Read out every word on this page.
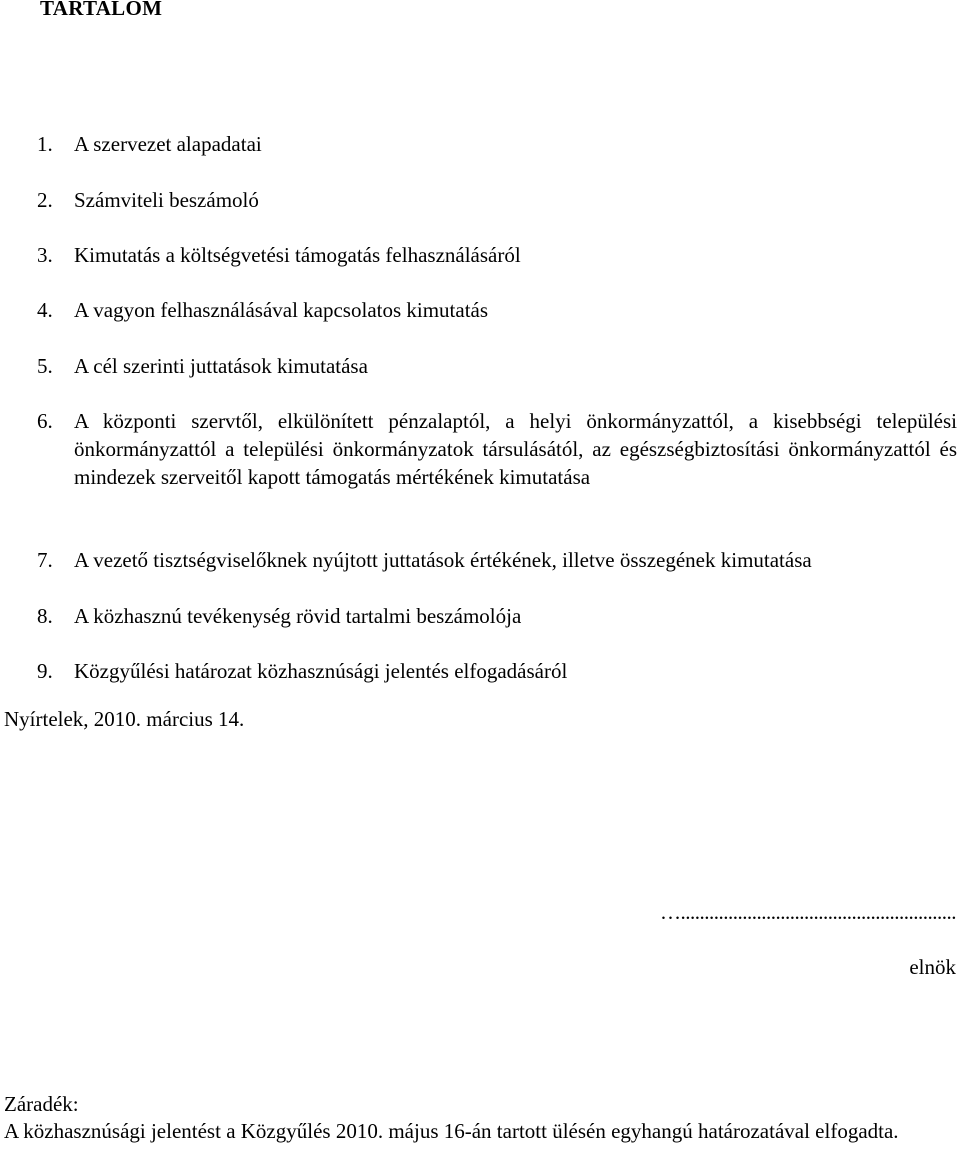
TARTALOM
1.	A szervezet alapadatai
2.	Számviteli beszámoló
3.	Kimutatás a költségvetési támogatás felhasználásáról
4.	A vagyon felhasználásával kapcsolatos kimutatás
5.	A cél szerinti juttatások kimutatása
6.	A központi szervtől, elkülönített pénzalaptól, a helyi önkormányzattól, a kisebbségi települési önkormányzattól a települési önkormányzatok társulásától, az egészségbiztosítási önkormányzattól és mindezek szerveitől kapott támogatás mértékének kimutatása
7.	A vezető tisztségviselőknek nyújtott juttatások értékének, illetve összegének kimutatása
8.	A közhasznú tevékenység rövid tartalmi beszámolója
9.	Közgyűlési határozat közhasznúsági jelentés elfogadásáról
Nyírtelek, 2010. március 14.
…..........................................................
elnök
Záradék:
A közhasznúsági jelentést a Közgyűlés 2010. május 16-án tartott ülésén egyhangú határozatával elfogadta.
